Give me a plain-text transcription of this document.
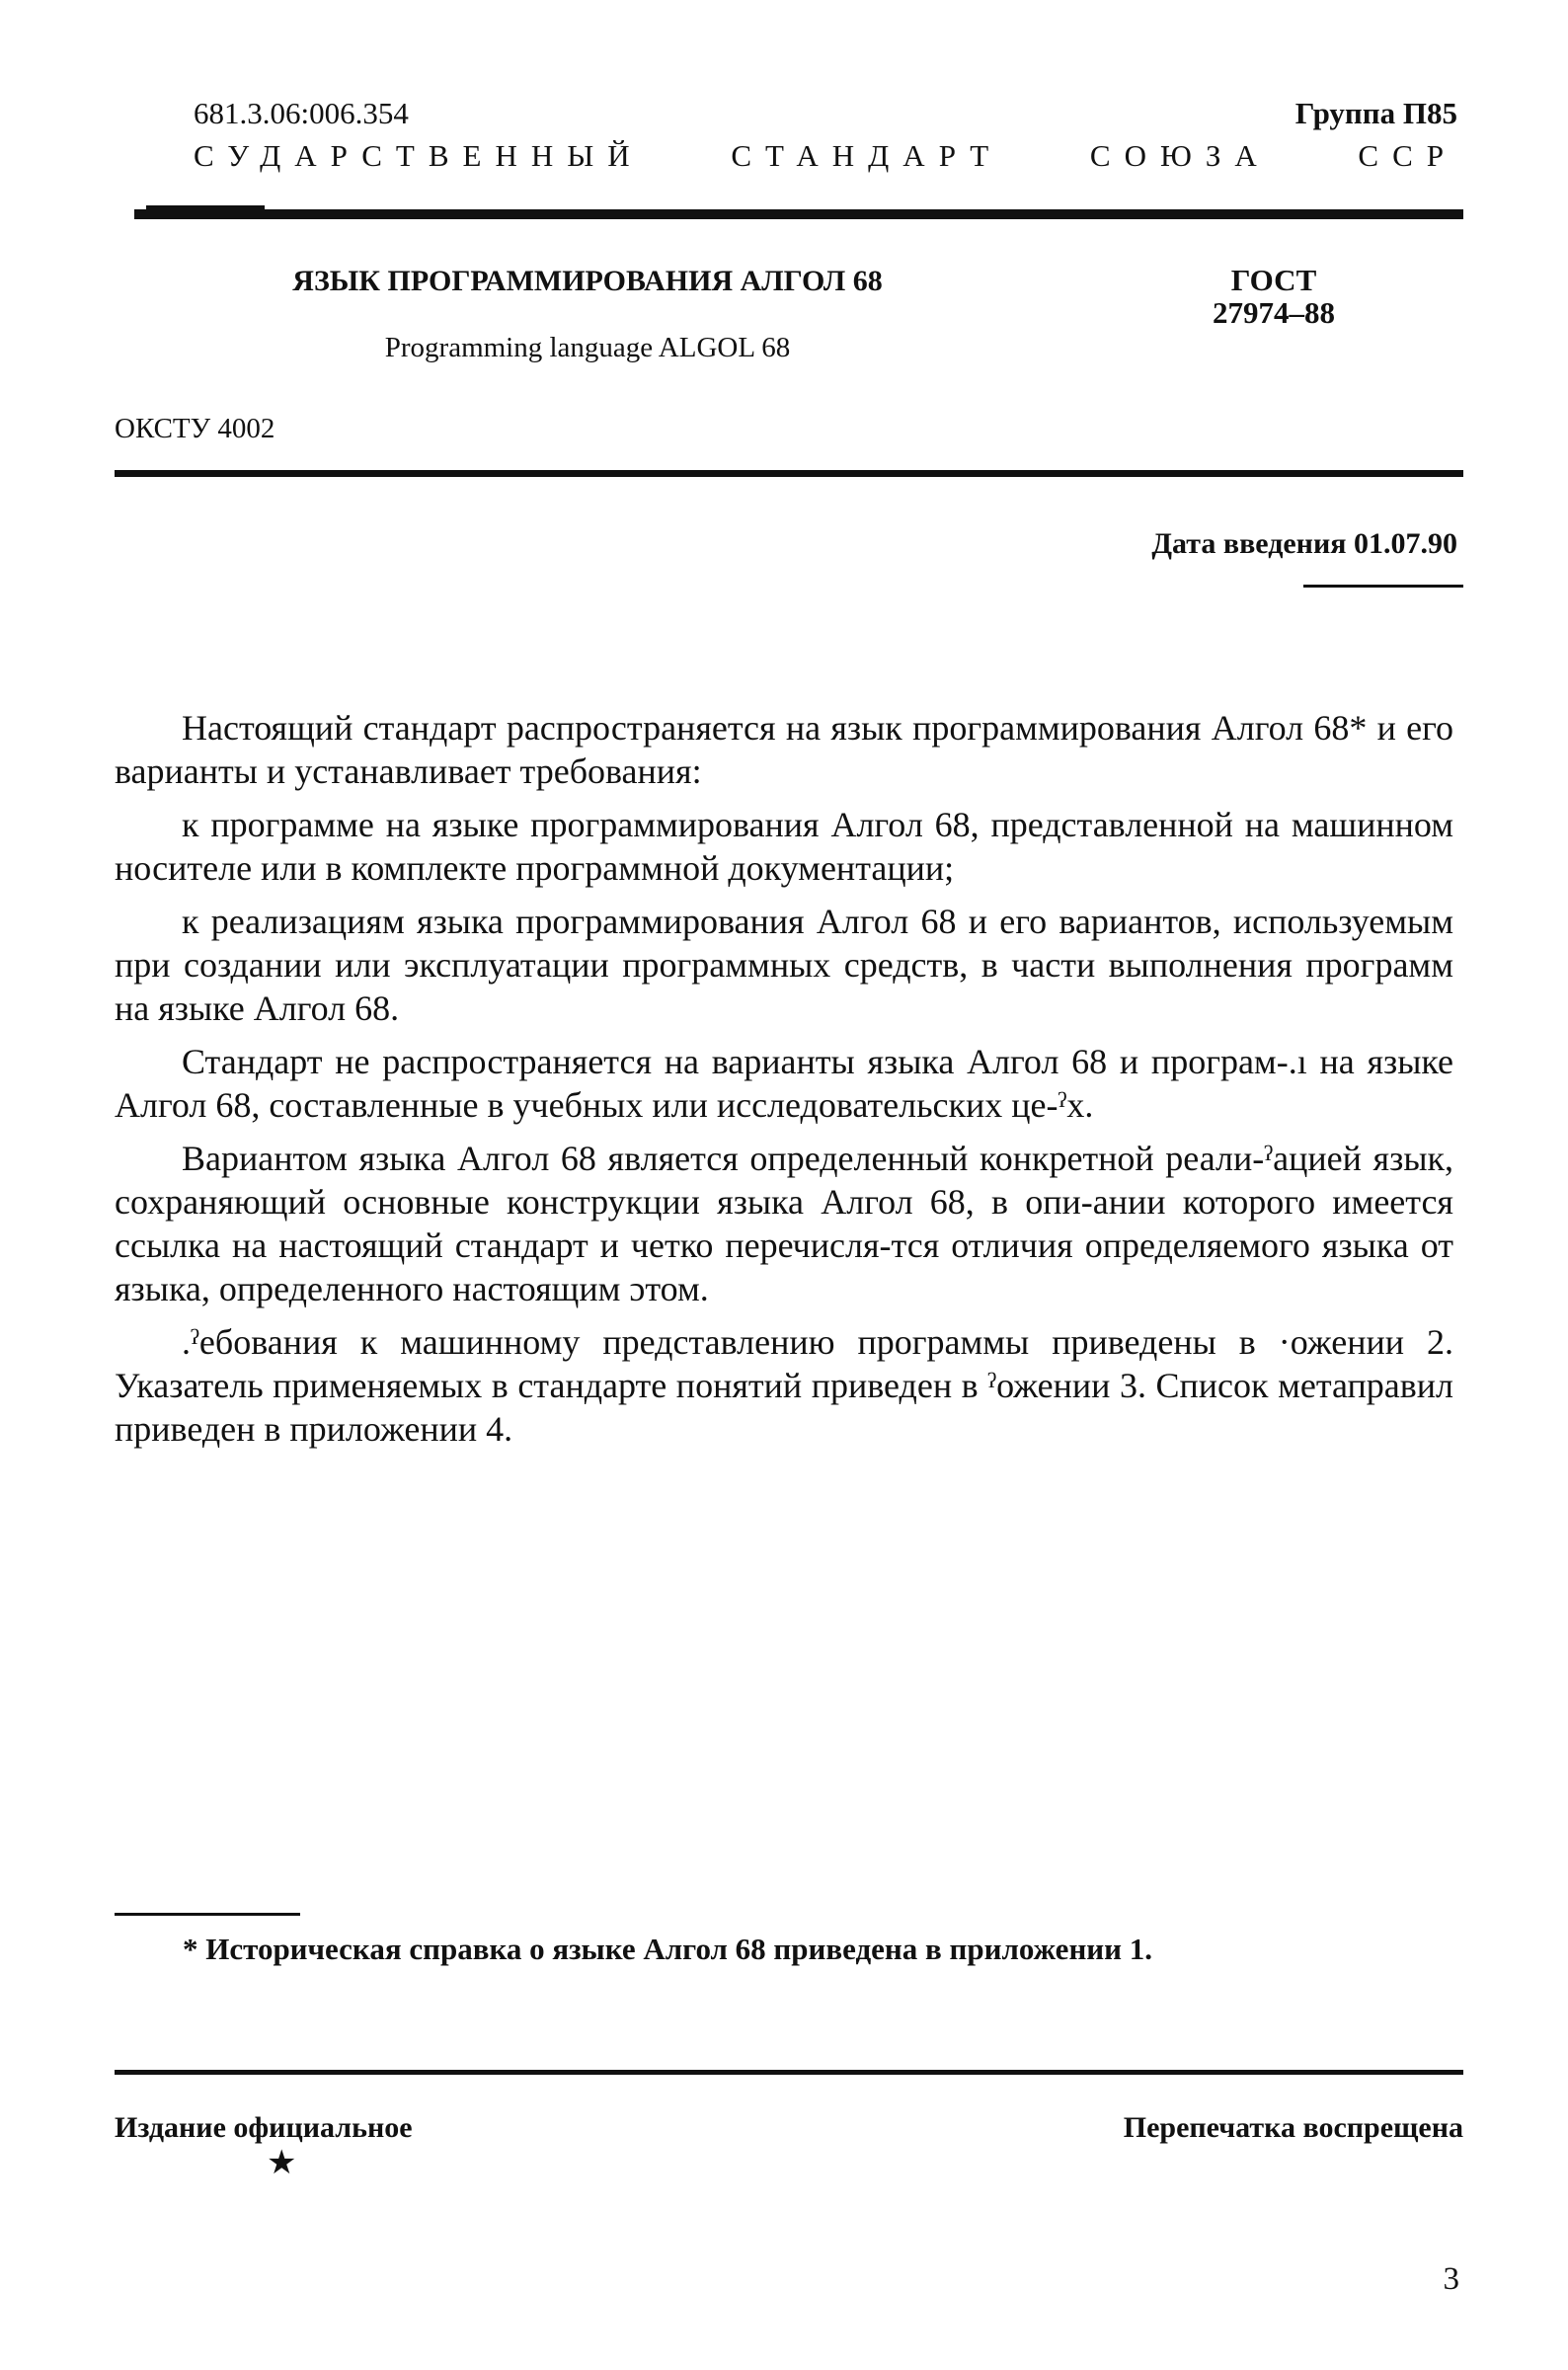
681.3.06:006.354	Группа П85
СУДАРСТВЕННЫЙ	СТАНДАРТ	СОЮЗА	ССР
ЯЗЫК ПРОГРАММИРОВАНИЯ АЛГОЛ 68
Programming language ALGOL 68
ГОСТ
27974–88
ОКСТУ 4002
Дата введения 01.07.90

Настоящий стандарт распространяется на язык программирования Алгол 68* и его варианты и устанавливает требования:

к программе на языке программирования Алгол 68, представленной на машинном носителе или в комплекте программной документации;

к реализациям языка программирования Алгол 68 и его вариантов, используемым при создании или эксплуатации программных средств, в части выполнения программ на языке Алгол 68.

Стандарт не распространяется на варианты языка Алгол 68 и програм-.ı на языке Алгол 68, составленные в учебных или исследовательских це-ˀх.

Вариантом языка Алгол 68 является определенный конкретной реали-ˀацией язык, сохраняющий основные конструкции языка Алгол 68, в опи-ании которого имеется ссылка на настоящий стандарт и четко перечисля-тся отличия определяемого языка от языка, определенного настоящим ɔтом.

.ˀебования к машинному представлению программы приведены в ·ожении 2. Указатель применяемых в стандарте понятий приведен в ˀожении 3. Список метаправил приведен в приложении 4.

* Историческая справка о языке Алгол 68 приведена в приложении 1.
Издание официальное
★
Перепечатка воспрещена
3
